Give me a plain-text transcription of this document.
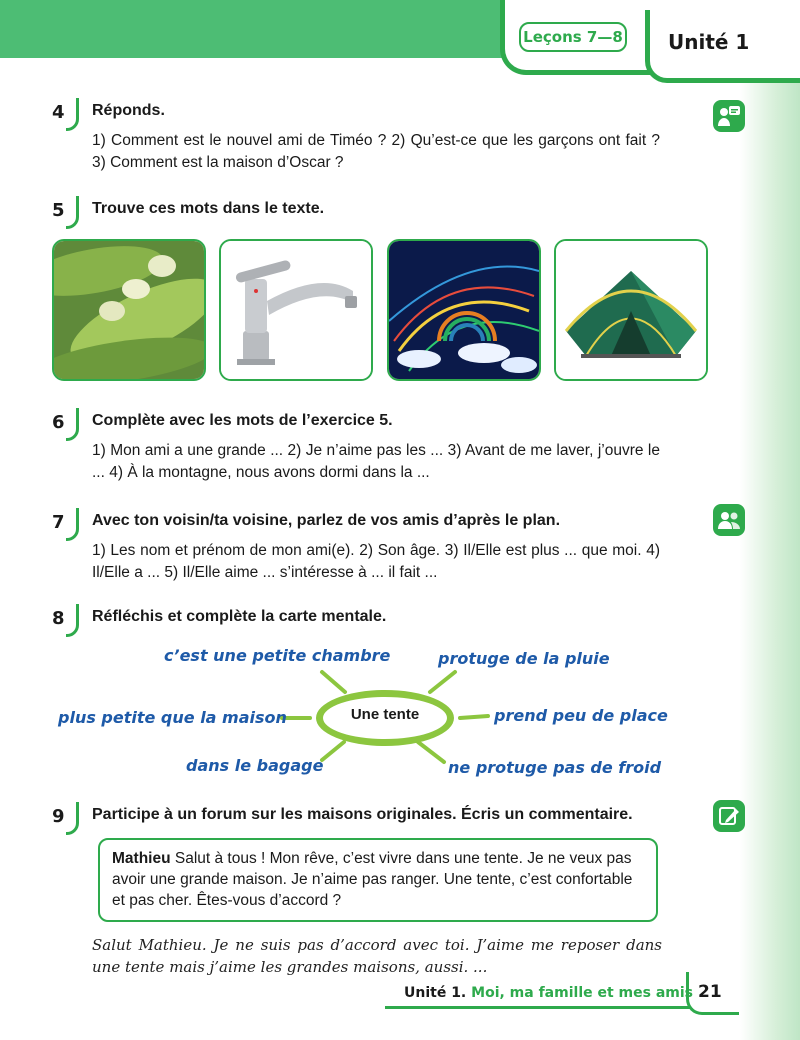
Leçons 7—8 Unité 1
4	Réponds.
1) Comment est le nouvel ami de Timéo ? 2) Qu’est-ce que les garçons ont fait ? 3) Comment est la maison d’Oscar ?
5	Trouve ces mots dans le texte.
6	Complète avec les mots de l’exercice 5.
1) Mon ami a une grande ... 2) Je n’aime pas les ... 3) Avant de me laver, j’ouvre le ... 4) À la montagne, nous avons dormi dans la ...
7	Avec ton voisin/ta voisine, parlez de vos amis d’après le plan.
1) Les nom et prénom de mon ami(e). 2) Son âge. 3) Il/Elle est plus ... que moi. 4) Il/Elle a ... 5) Il/Elle aime ... s’intéresse à ... il fait ...
8	Réfléchis et complète la carte mentale.
Une tente
c’est une petite chambre	protuge de la pluie
plus petite que la maison	prend peu de place
dans le bagage	ne protuge pas de froid
9	Participe à un forum sur les maisons originales. Écris un commentaire.
Mathieu Salut à tous ! Mon rêve, c’est vivre dans une tente. Je ne veux pas avoir une grande maison. Je n’aime pas ranger. Une tente, c’est confortable et pas cher. Êtes-vous d’accord ?
Salut Mathieu. Je ne suis pas d’accord avec toi. J’aime me reposer dans une tente mais j’aime les grandes maisons, aussi. ...
Unité 1. Moi, ma famille et mes amis 21
